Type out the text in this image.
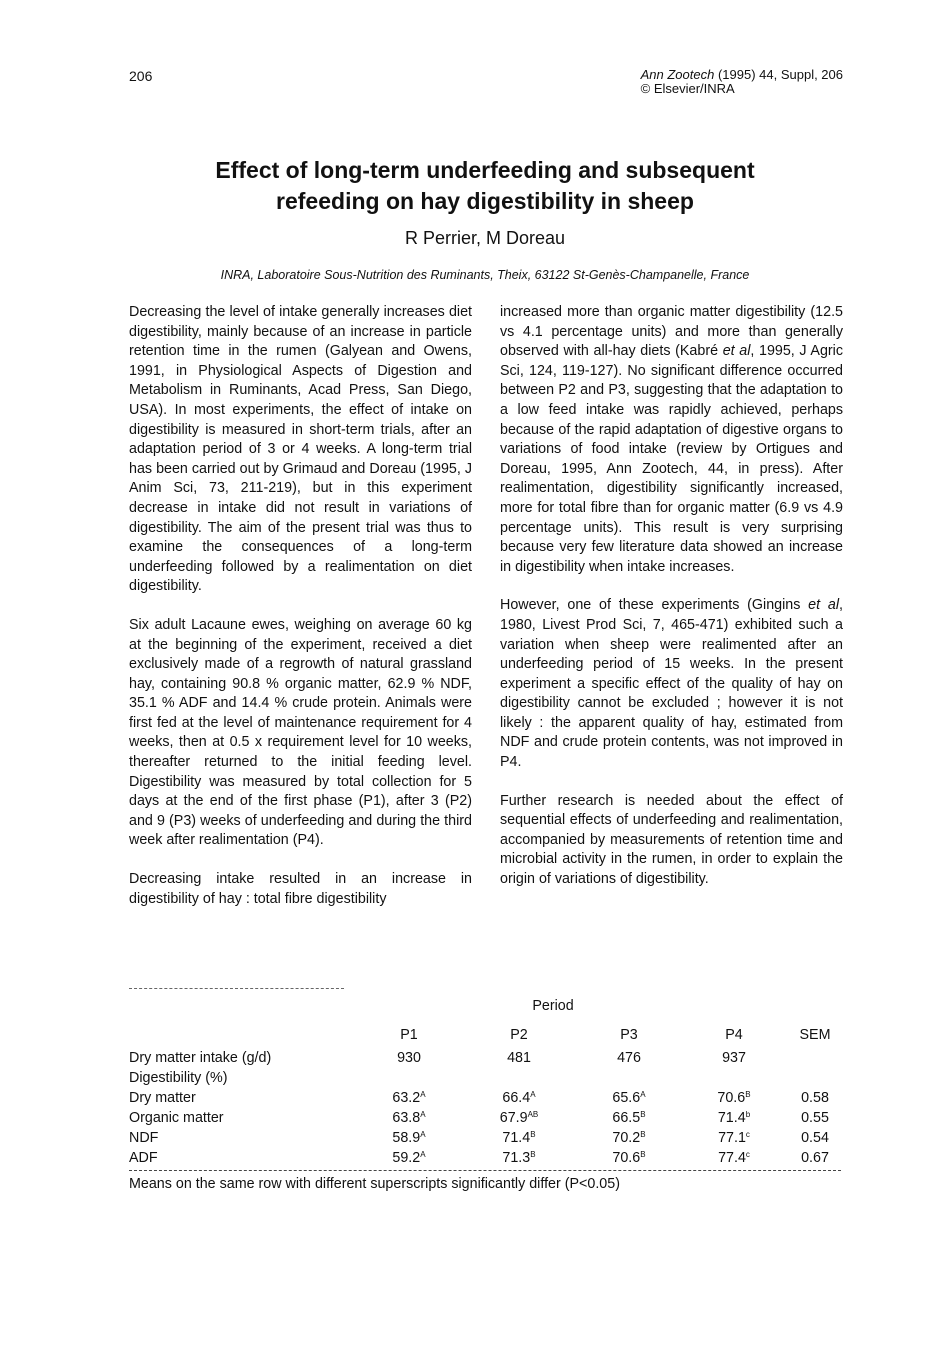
206	Ann Zootech (1995) 44, Suppl, 206
© Elsevier/INRA
Effect of long-term underfeeding and subsequent
refeeding on hay digestibility in sheep
R Perrier, M Doreau
INRA, Laboratoire Sous-Nutrition des Ruminants, Theix, 63122 St-Genès-Champanelle, France

Decreasing the level of intake generally increases diet digestibility, mainly because of an increase in particle retention time in the rumen (Galyean and Owens, 1991, in Physiological Aspects of Digestion and Metabolism in Ruminants, Acad Press, San Diego, USA). In most experiments, the effect of intake on digestibility is measured in short-term trials, after an adaptation period of 3 or 4 weeks. A long-term trial has been carried out by Grimaud and Doreau (1995, J Anim Sci, 73, 211-219), but in this experiment decrease in intake did not result in variations of digestibility. The aim of the present trial was thus to examine the consequences of a long-term underfeeding followed by a realimentation on diet digestibility.

Six adult Lacaune ewes, weighing on average 60 kg at the beginning of the experiment, received a diet exclusively made of a regrowth of natural grassland hay, containing 90.8 % organic matter, 62.9 % NDF, 35.1 % ADF and 14.4 % crude protein. Animals were first fed at the level of maintenance requirement for 4 weeks, then at 0.5 x requirement level for 10 weeks, thereafter returned to the initial feeding level. Digestibility was measured by total collection for 5 days at the end of the first phase (P1), after 3 (P2) and 9 (P3) weeks of underfeeding and during the third week after realimentation (P4).

Decreasing intake resulted in an increase in digestibility of hay : total fibre digestibility

increased more than organic matter digestibility (12.5 vs 4.1 percentage units) and more than generally observed with all-hay diets (Kabré et al, 1995, J Agric Sci, 124, 119-127). No significant difference occurred between P2 and P3, suggesting that the adaptation to a low feed intake was rapidly achieved, perhaps because of the rapid adaptation of digestive organs to variations of food intake (review by Ortigues and Doreau, 1995, Ann Zootech, 44, in press). After realimentation, digestibility significantly increased, more for total fibre than for organic matter (6.9 vs 4.9 percentage units). This result is very surprising because very few literature data showed an increase in digestibility when intake increases.

However, one of these experiments (Gingins et al, 1980, Livest Prod Sci, 7, 465-471) exhibited such a variation when sheep were realimented after an underfeeding period of 15 weeks. In the present experiment a specific effect of the quality of hay on digestibility cannot be excluded ; however it is not likely : the apparent quality of hay, estimated from NDF and crude protein contents, was not improved in P4.

Further research is needed about the effect of sequential effects of underfeeding and realimentation, accompanied by measurements of retention time and microbial activity in the rumen, in order to explain the origin of variations of digestibility.

Period
	P1	P2	P3	P4	SEM
Dry matter intake (g/d)	930	481	476	937	
Digestibility (%)					
Dry matter	$63.2^A$	$66.4^A$	$65.6^A$	$70.6^B$	0.58
Organic matter	$63.8^A$	$67.9^{AB}$	$66.5^B$	71.4$^b$	0.55
NDF	$58.9^A$	$71.4^B$	$70.2^B$	77.1$^c$	0.54
ADF	$59.2^A$	$71.3^B$	$70.6^B$	77.4$^c$	0.67
Means on the same row with different superscripts significantly differ (P<0.05)
